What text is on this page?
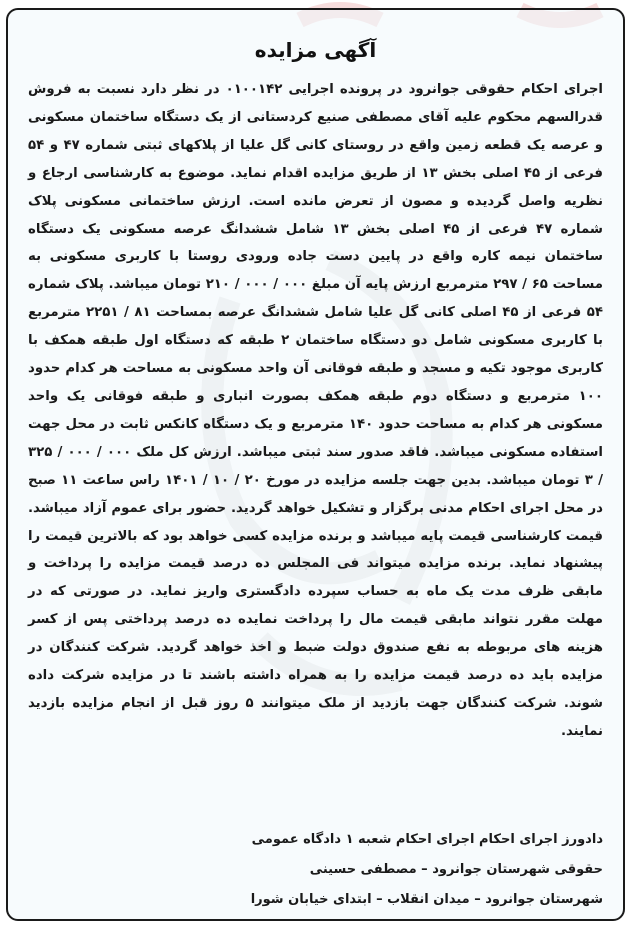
آگهی مزایده
اجرای احکام حقوقی جوانرود در پرونده اجرایی ۰۱۰۰۱۴۲ در نظر دارد نسبت به فروش قدرالسهم محکوم علیه آقای مصطفی صنیع کردستانی از یک دستگاه ساختمان مسکونی و عرصه یک قطعه زمین واقع در روستای کانی گل علیا از پلاکهای ثبتی شماره ۴۷ و ۵۴ فرعی از ۴۵ اصلی بخش ۱۳ از طریق مزایده اقدام نماید. موضوع به کارشناسی ارجاع و نظریه واصل گردیده و مصون از تعرض مانده است. ارزش ساختمانی مسکونی پلاک شماره ۴۷ فرعی از ۴۵ اصلی بخش ۱۳ شامل ششدانگ عرصه مسکونی یک دستگاه ساختمان نیمه کاره واقع در پایین دست جاده ورودی روستا با کاربری مسکونی به مساحت ۶۵ / ۲۹۷ مترمربع ارزش پایه آن مبلغ ۰۰۰ / ۰۰۰ / ۲۱۰ تومان میباشد. پلاک شماره ۵۴ فرعی از ۴۵ اصلی کانی گل علیا شامل ششدانگ عرصه بمساحت ۸۱ / ۲۲۵۱ مترمربع با کاربری مسکونی شامل دو دستگاه ساختمان ۲ طبقه که دستگاه اول طبقه همکف با کاربری موجود تکیه و مسجد و طبقه فوقانی آن واحد مسکونی به مساحت هر کدام حدود ۱۰۰ مترمربع و دستگاه دوم طبقه همکف بصورت انباری و طبقه فوقانی یک واحد مسکونی هر کدام به مساحت حدود ۱۴۰ مترمربع و یک دستگاه کانکس ثابت در محل جهت استفاده مسکونی میباشد. فاقد صدور سند ثبتی میباشد. ارزش کل ملک ۰۰۰ / ۰۰۰ / ۳۲۵ / ۳ تومان میباشد. بدین جهت جلسه مزایده در مورخ ۲۰ / ۱۰ / ۱۴۰۱ راس ساعت ۱۱ صبح در محل اجرای احکام مدنی برگزار و تشکیل خواهد گردید. حضور برای عموم آزاد میباشد. قیمت کارشناسی قیمت پایه میباشد و برنده مزایده کسی خواهد بود که بالاترین قیمت را پیشنهاد نماید. برنده مزایده میتواند فی المجلس ده درصد قیمت مزایده را پرداخت و مابقی ظرف مدت یک ماه به حساب سپرده دادگستری واریز نماید. در صورتی که در مهلت مقرر نتواند مابقی قیمت مال را پرداخت نمایده ده درصد پرداختی پس از کسر هزینه های مربوطه به نفع صندوق دولت ضبط و اخذ خواهد گردید. شرکت کنندگان در مزایده باید ده درصد قیمت مزایده را به همراه داشته باشند تا در مزایده شرکت داده شوند. شرکت کنندگان جهت بازدید از ملک میتوانند ۵ روز قبل از انجام مزایده بازدید نمایند.
دادورز اجرای احکام اجرای احکام شعبه ۱ دادگاه عمومی
حقوقی شهرستان جوانرود – مصطفی حسینی
شهرستان جوانرود – میدان انقلاب – ابتدای خیابان شورا
